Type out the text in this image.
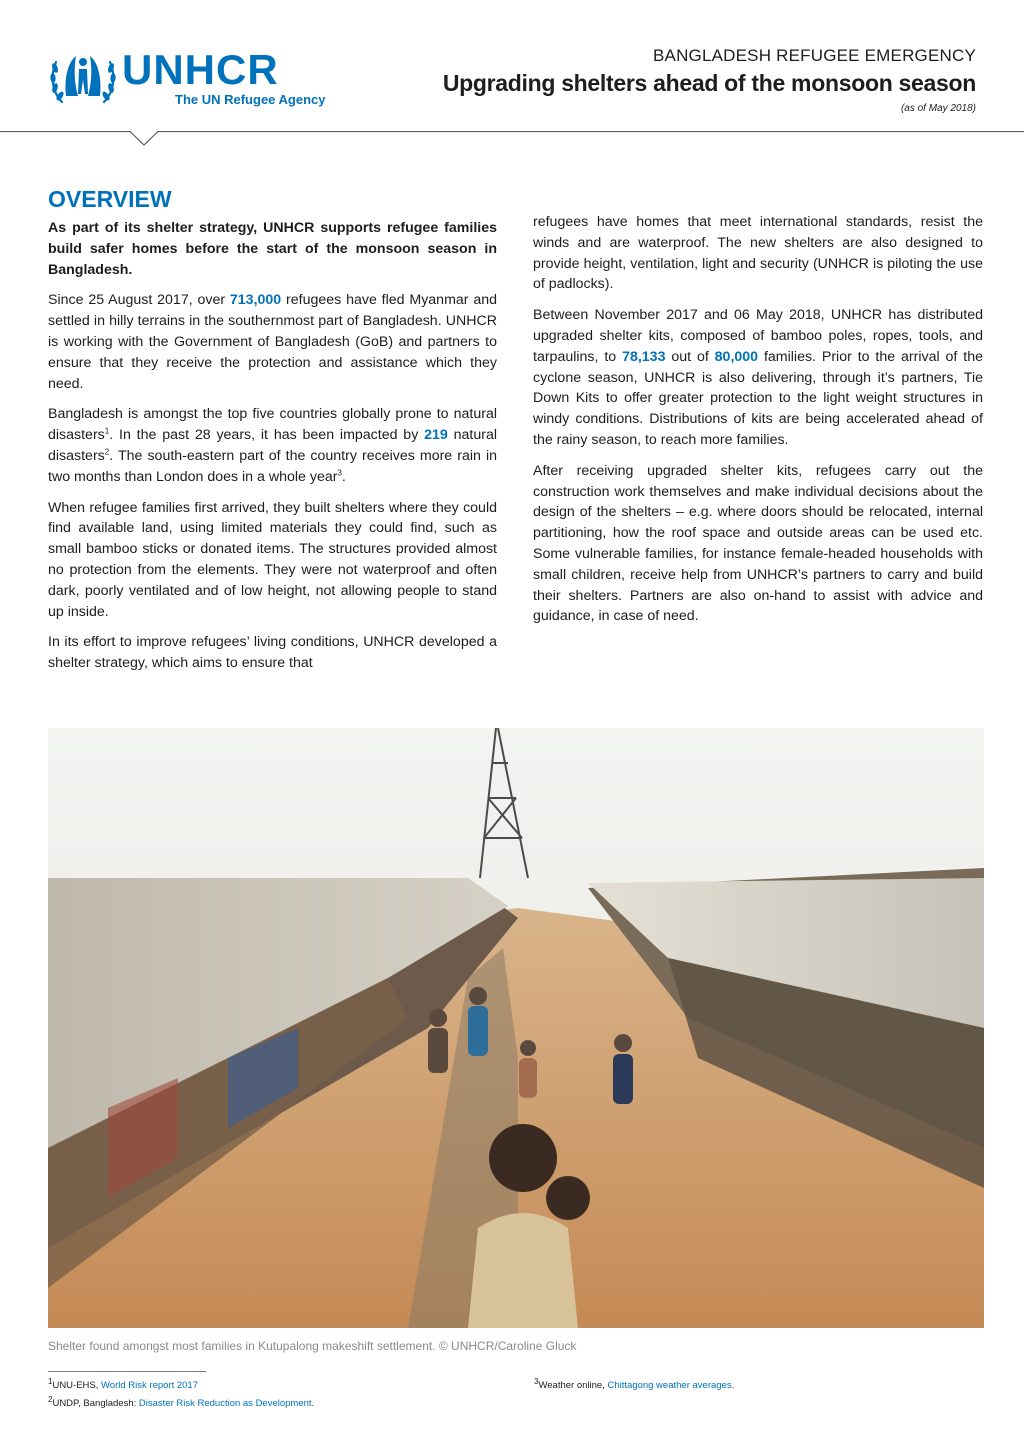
UNHCR
The UN Refugee Agency
BANGLADESH REFUGEE EMERGENCY
Upgrading shelters ahead of the monsoon season
(as of May 2018)
OVERVIEW

As part of its shelter strategy, UNHCR supports refugee families build safer homes before the start of the monsoon season in Bangladesh.

Since 25 August 2017, over 713,000 refugees have fled Myanmar and settled in hilly terrains in the southernmost part of Bangladesh. UNHCR is working with the Government of Bangladesh (GoB) and partners to ensure that they receive the protection and assistance which they need.

Bangladesh is amongst the top five countries globally prone to natural disasters$^1$. In the past 28 years, it has been impacted by 219 natural disasters$^2$. The south-eastern part of the country receives more rain in two months than London does in a whole year$^3$.

When refugee families first arrived, they built shelters where they could find available land, using limited materials they could find, such as small bamboo sticks or donated items. The structures provided almost no protection from the elements. They were not waterproof and often dark, poorly ventilated and of low height, not allowing people to stand up inside.

In its effort to improve refugees’ living conditions, UNHCR developed a shelter strategy, which aims to ensure that

refugees have homes that meet international standards, resist the winds and are waterproof. The new shelters are also designed to provide height, ventilation, light and security (UNHCR is piloting the use of padlocks).

Between November 2017 and 06 May 2018, UNHCR has distributed upgraded shelter kits, composed of bamboo poles, ropes, tools, and tarpaulins, to 78,133 out of 80,000 families. Prior to the arrival of the cyclone season, UNHCR is also delivering, through it’s partners, Tie Down Kits to offer greater protection to the light weight structures in windy conditions. Distributions of kits are being accelerated ahead of the rainy season, to reach more families.

After receiving upgraded shelter kits, refugees carry out the construction work themselves and make individual decisions about the design of the shelters – e.g. where doors should be relocated, internal partitioning, how the roof space and outside areas can be used etc. Some vulnerable families, for instance female-headed households with small children, receive help from UNHCR’s partners to carry and build their shelters. Partners are also on-hand to assist with advice and guidance, in case of need.

Shelter found amongst most families in Kutupalong makeshift settlement. © UNHCR/Caroline Gluck
$^1$UNU-EHS, World Risk report 2017
$^2$UNDP, Bangladesh: Disaster Risk Reduction as Development.
$^3$Weather online, Chittagong weather averages.
